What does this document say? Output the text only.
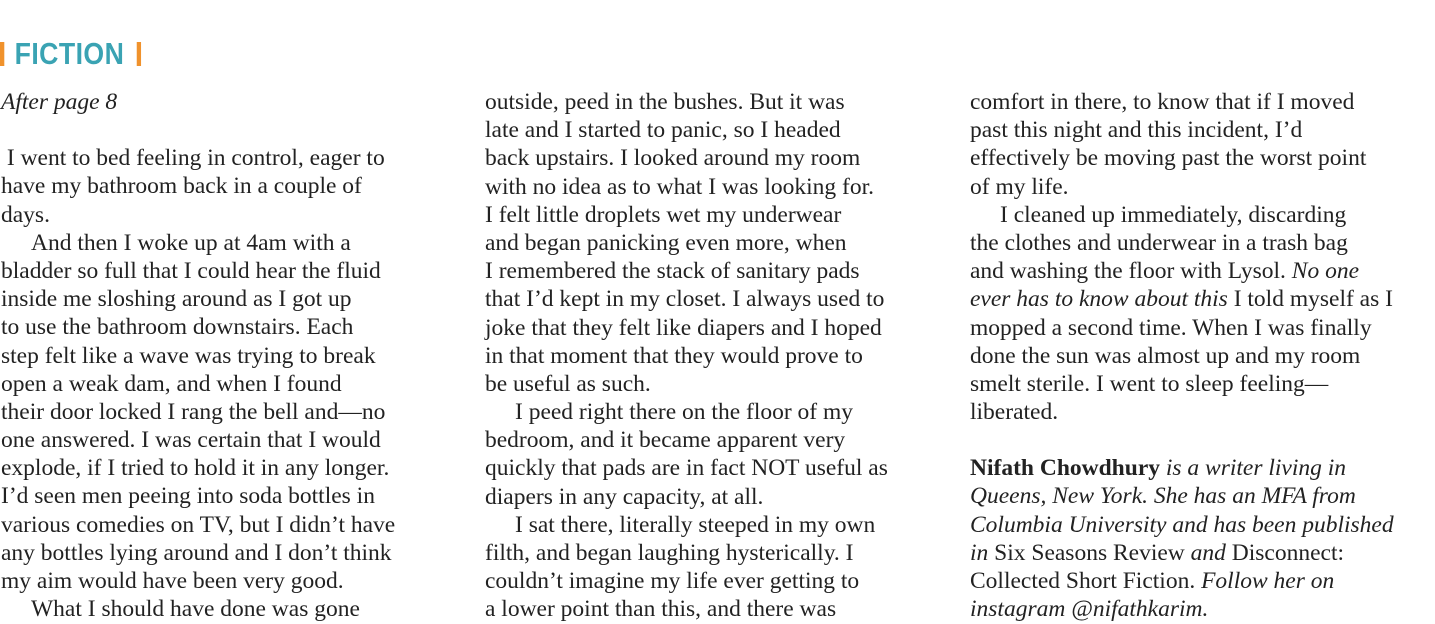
FICTION
After page 8
I went to bed feeling in control, eager to
have my bathroom back in a couple of
days.
And then I woke up at 4am with a
bladder so full that I could hear the fluid
inside me sloshing around as I got up
to use the bathroom downstairs. Each
step felt like a wave was trying to break
open a weak dam, and when I found
their door locked I rang the bell and—no
one answered. I was certain that I would
explode, if I tried to hold it in any longer.
I’d seen men peeing into soda bottles in
various comedies on TV, but I didn’t have
any bottles lying around and I don’t think
my aim would have been very good.
What I should have done was gone
outside, peed in the bushes. But it was
late and I started to panic, so I headed
back upstairs. I looked around my room
with no idea as to what I was looking for.
I felt little droplets wet my underwear
and began panicking even more, when
I remembered the stack of sanitary pads
that I’d kept in my closet. I always used to
joke that they felt like diapers and I hoped
in that moment that they would prove to
be useful as such.
I peed right there on the floor of my
bedroom, and it became apparent very
quickly that pads are in fact NOT useful as
diapers in any capacity, at all.
I sat there, literally steeped in my own
filth, and began laughing hysterically. I
couldn’t imagine my life ever getting to
a lower point than this, and there was
comfort in there, to know that if I moved
past this night and this incident, I’d
effectively be moving past the worst point
of my life.
I cleaned up immediately, discarding
the clothes and underwear in a trash bag
and washing the floor with Lysol. No one
ever has to know about this I told myself as I
mopped a second time. When I was finally
done the sun was almost up and my room
smelt sterile. I went to sleep feeling—
liberated.
Nifath Chowdhury is a writer living in
Queens, New York. She has an MFA from
Columbia University and has been published
in Six Seasons Review and Disconnect:
Collected Short Fiction. Follow her on
instagram @nifathkarim.
